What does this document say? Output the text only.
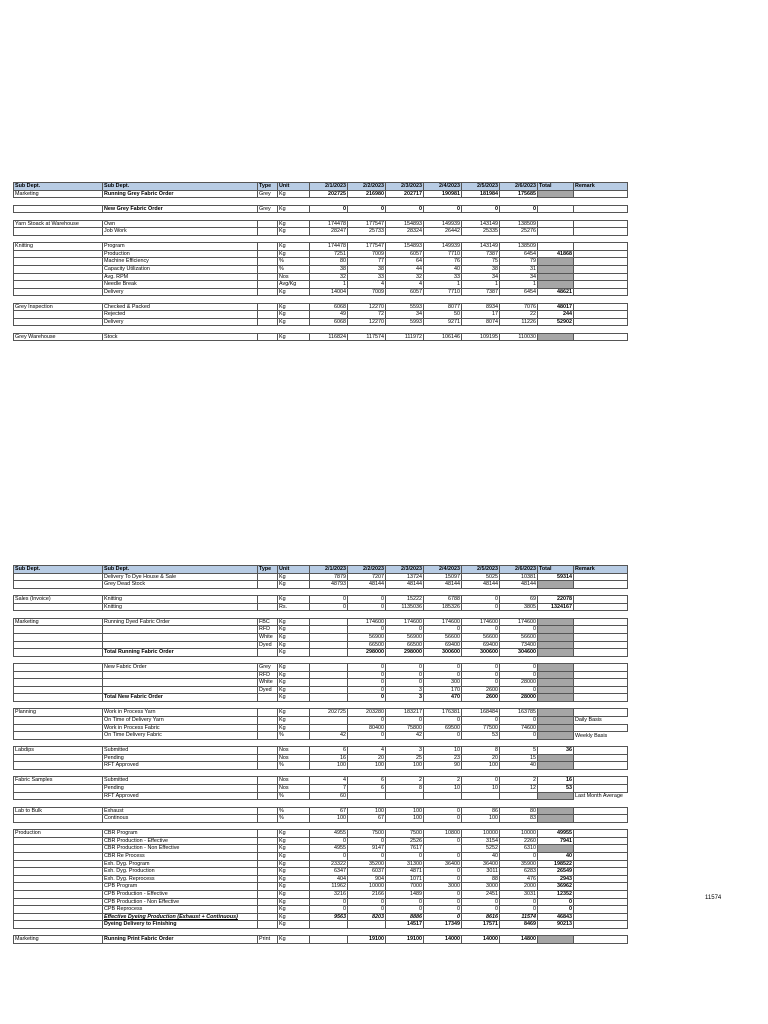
Sub Dept.	Sub Dept.	Type	Unit	2/1/2023	2/2/2023	2/3/2023	2/4/2023	2/5/2023	2/6/2023	Total	Remark
Marketing	Running Grey Fabric Order	Grey	Kg	202725	216980	202717	190981	181984	175685		

	New Grey Fabric Order	Grey	Kg	0	0	0	0	0	0		

Yarn Stoack at Warehouse	Own		Kg	174478	177547	154893	149939	143149	138509		
	Job Work		Kg	28247	25733	28324	26442	25335	25276		

Knitting	Program		Kg	174478	177547	154893	149939	143149	138509		
	Production		Kg	7251	7009	6057	7710	7387	6454	41868	
	Machine Efficiency		%	80	77	64	76	75	79		
	Capacity Utilization		%	38	38	44	40	38	31		
	Avg. RPM		Nos	32	33	32	33	34	34		
	Needle Break		Avg/Kg	1	4	4	1	1	1		
	Delivery		Kg	14004	7009	6057	7710	7387	6454	48621	

Grey Inspection	Checked & Packed		Kg	6068	12270	5593	8077	8934	7076	48017	
	Rejected		Kg	49	72	34	50	17	22	244	
	Delivery		Kg	6068	12270	5993	9271	8074	11226	52902	

Grey Warehouse	Stock		Kg	116824	117574	111972	106146	109195	110030		
Sub Dept.	Sub Dept.	Type	Unit	2/1/2023	2/2/2023	2/3/2023	2/4/2023	2/5/2023	2/6/2023	Total	Remark
	Delivery To Dye House & Sale		Kg	7879	7207	13724	15097	5025	10381	59314	
	Grey Dead Stock		Kg	48793	48144	48144	48144	48144	48144		

Sales (Invoice)	Knitting		Kg	0	0	15222	6788	0	69	22078	
	Knitting		Rs.	0	0	1135036	185326	0	3805	1324167	

Marketing	Running Dyed Fabric Order	FBC	Kg		174600	174600	174600	174600	174600		
		RFD	Kg		0	0	0	0	0		
		White	Kg		56900	56900	56600	56600	56600		
		Dyed	Kg		66500	66500	69400	69400	73400		
	Total Running Fabric Order		Kg		298000	298000	300600	300600	304600		

	New Fabric Order	Grey	Kg		0	0	0	0	0		
		RFD	Kg		0	0	0	0	0		
		White	Kg		0	0	300	0	28000		
		Dyed	Kg		0	3	170	2600	0		
	Total New Fabric Order		Kg		0	3	470	2600	28000		

Planning	Work in Process Yarn		Kg	202725	203280	183217	176381	168484	163785		
	On Time of Delivery Yarn		Kg		0	0	0	0	0		Daily Basis
	Work in Process Fabric		Kg		80400	75800	69500	77500	74600		
	On Time Delivery Fabric		%	42	0	42	0	53	0		Weekly Basis

Labdips	Submitted		Nos	6	4	3	10	8	5	36	
	Pending		Nos	16	20	25	23	20	15		
	RFT Approved		%	100	100	100	90	100	40		

Fabric Samples	Submitted		Nos	4	6	2	2	0	2	16	
	Pending		Nos	7	6	8	10	10	12	53	
	RFT Approved		%	60							Last Month Average

Lab to Bulk	Exhaust		%	67	100	100	0	86	80		
	Continous		%	100	67	100	0	100	83		

Production	CBR Program		Kg	4955	7500	7500	10800	10000	10000	49955	
	CBR Production - Effective		Kg	0	0	2526	0	3154	2260	7941	
	CBR Production - Non Effective		Kg	4955	9147	7617		5252	6310		
	CBR Re Process		Kg	0	0	0	0	40	0	40	
	Exh. Dyg. Program		Kg	23322	35200	31300	36400	36400	35900	198522	
	Exh. Dyg. Production		Kg	6347	6037	4871	0	3011	6283	26549	
	Exh. Dyg. Reprocess		Kg	404	904	1071	0	88	476	2943	
	CPB Program		Kg	11962	10000	7000	3000	3000	2000	36962	
	CPB Production - Effective		Kg	3216	2166	1489	0	2451	3031	12352	
	CPB Production - Non Effective		Kg	0	0	0	0	0	0	0	
	CPB Reprocess		Kg	0	0	0	0	0	0	0	
	Effective Dyeing Production (Exhaust + Continuous)		Kg	9563	8203	8886	0	8616	11574	46843	
	Dyeing Delivery to Finishing		Kg			14517	17349	17571	8469	90213	

Marketing	Running Print Fabric Order	Print	Kg		19100	19100	14000	14000	14800		
11574
